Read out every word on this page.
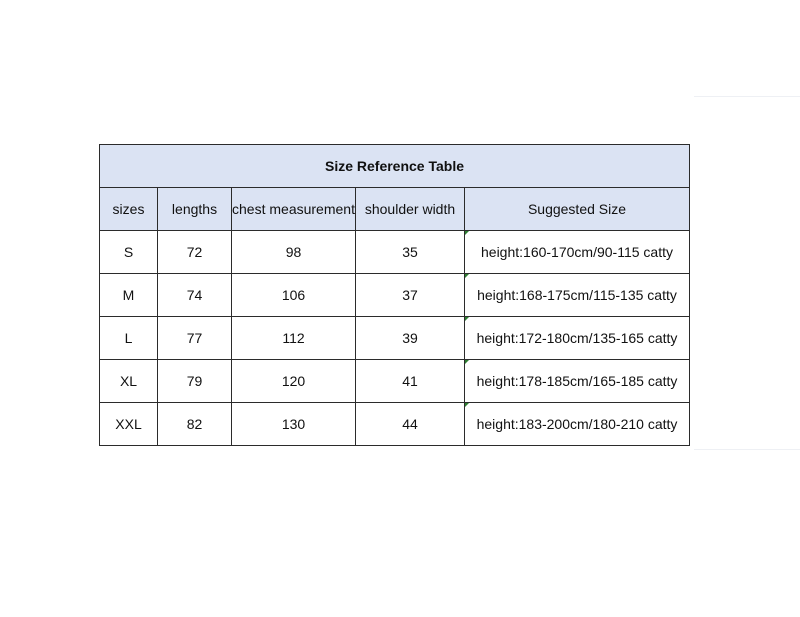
Size Reference Table				
sizes	lengths	chest measurement	shoulder width	Suggested Size
S	72	98	35	height:160-170cm/90-115 catty
M	74	106	37	height:168-175cm/115-135 catty
L	77	112	39	height:172-180cm/135-165 catty
XL	79	120	41	height:178-185cm/165-185 catty
XXL	82	130	44	height:183-200cm/180-210 catty
